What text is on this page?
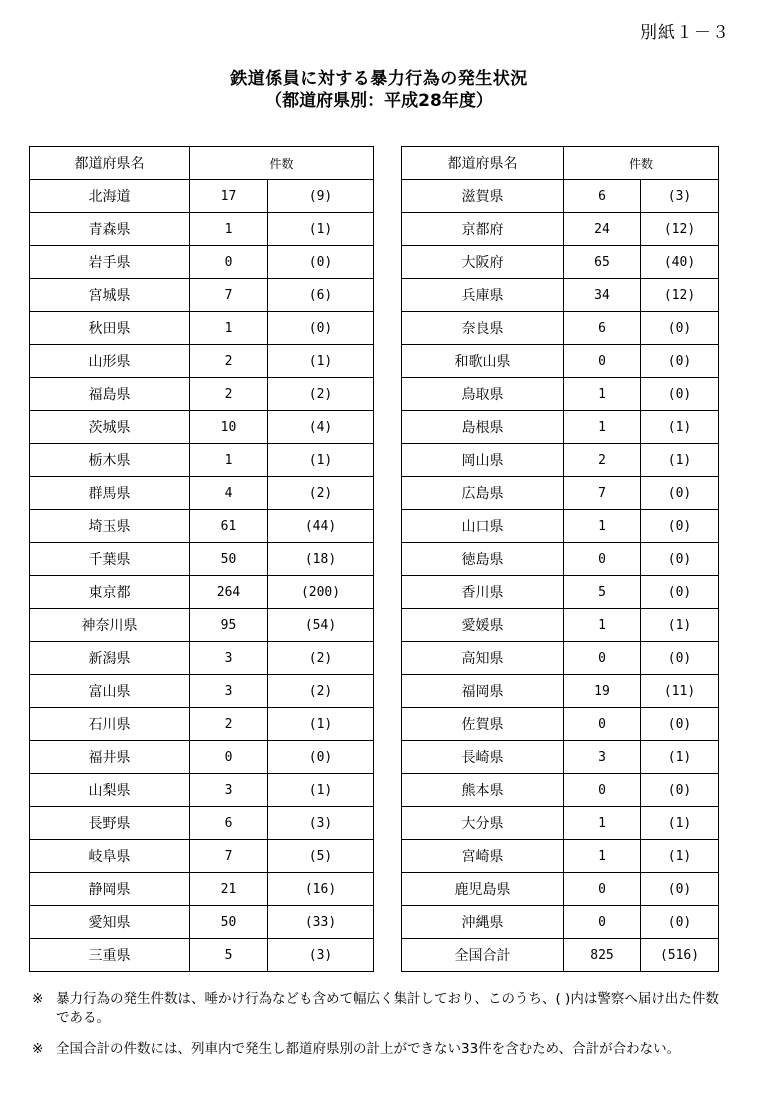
別紙１－３
鉄道係員に対する暴力行為の発生状況
（都道府県別：平成28年度）
都道府県名	件数	
北海道	17	(9)
青森県	1	(1)
岩手県	0	(0)
宮城県	7	(6)
秋田県	1	(0)
山形県	2	(1)
福島県	2	(2)
茨城県	10	(4)
栃木県	1	(1)
群馬県	4	(2)
埼玉県	61	(44)
千葉県	50	(18)
東京都	264	(200)
神奈川県	95	(54)
新潟県	3	(2)
富山県	3	(2)
石川県	2	(1)
福井県	0	(0)
山梨県	3	(1)
長野県	6	(3)
岐阜県	7	(5)
静岡県	21	(16)
愛知県	50	(33)
三重県	5	(3)
都道府県名	件数	
滋賀県	6	(3)
京都府	24	(12)
大阪府	65	(40)
兵庫県	34	(12)
奈良県	6	(0)
和歌山県	0	(0)
鳥取県	1	(0)
島根県	1	(1)
岡山県	2	(1)
広島県	7	(0)
山口県	1	(0)
徳島県	0	(0)
香川県	5	(0)
愛媛県	1	(1)
高知県	0	(0)
福岡県	19	(11)
佐賀県	0	(0)
長崎県	3	(1)
熊本県	0	(0)
大分県	1	(1)
宮崎県	1	(1)
鹿児島県	0	(0)
沖縄県	0	(0)
全国合計	825	(516)
※ 暴力行為の発生件数は、唾かけ行為なども含めて幅広く集計しており、このうち、( )内は警察へ届け出た件数である。
※ 全国合計の件数には、列車内で発生し都道府県別の計上ができない33件を含むため、合計が合わない。
